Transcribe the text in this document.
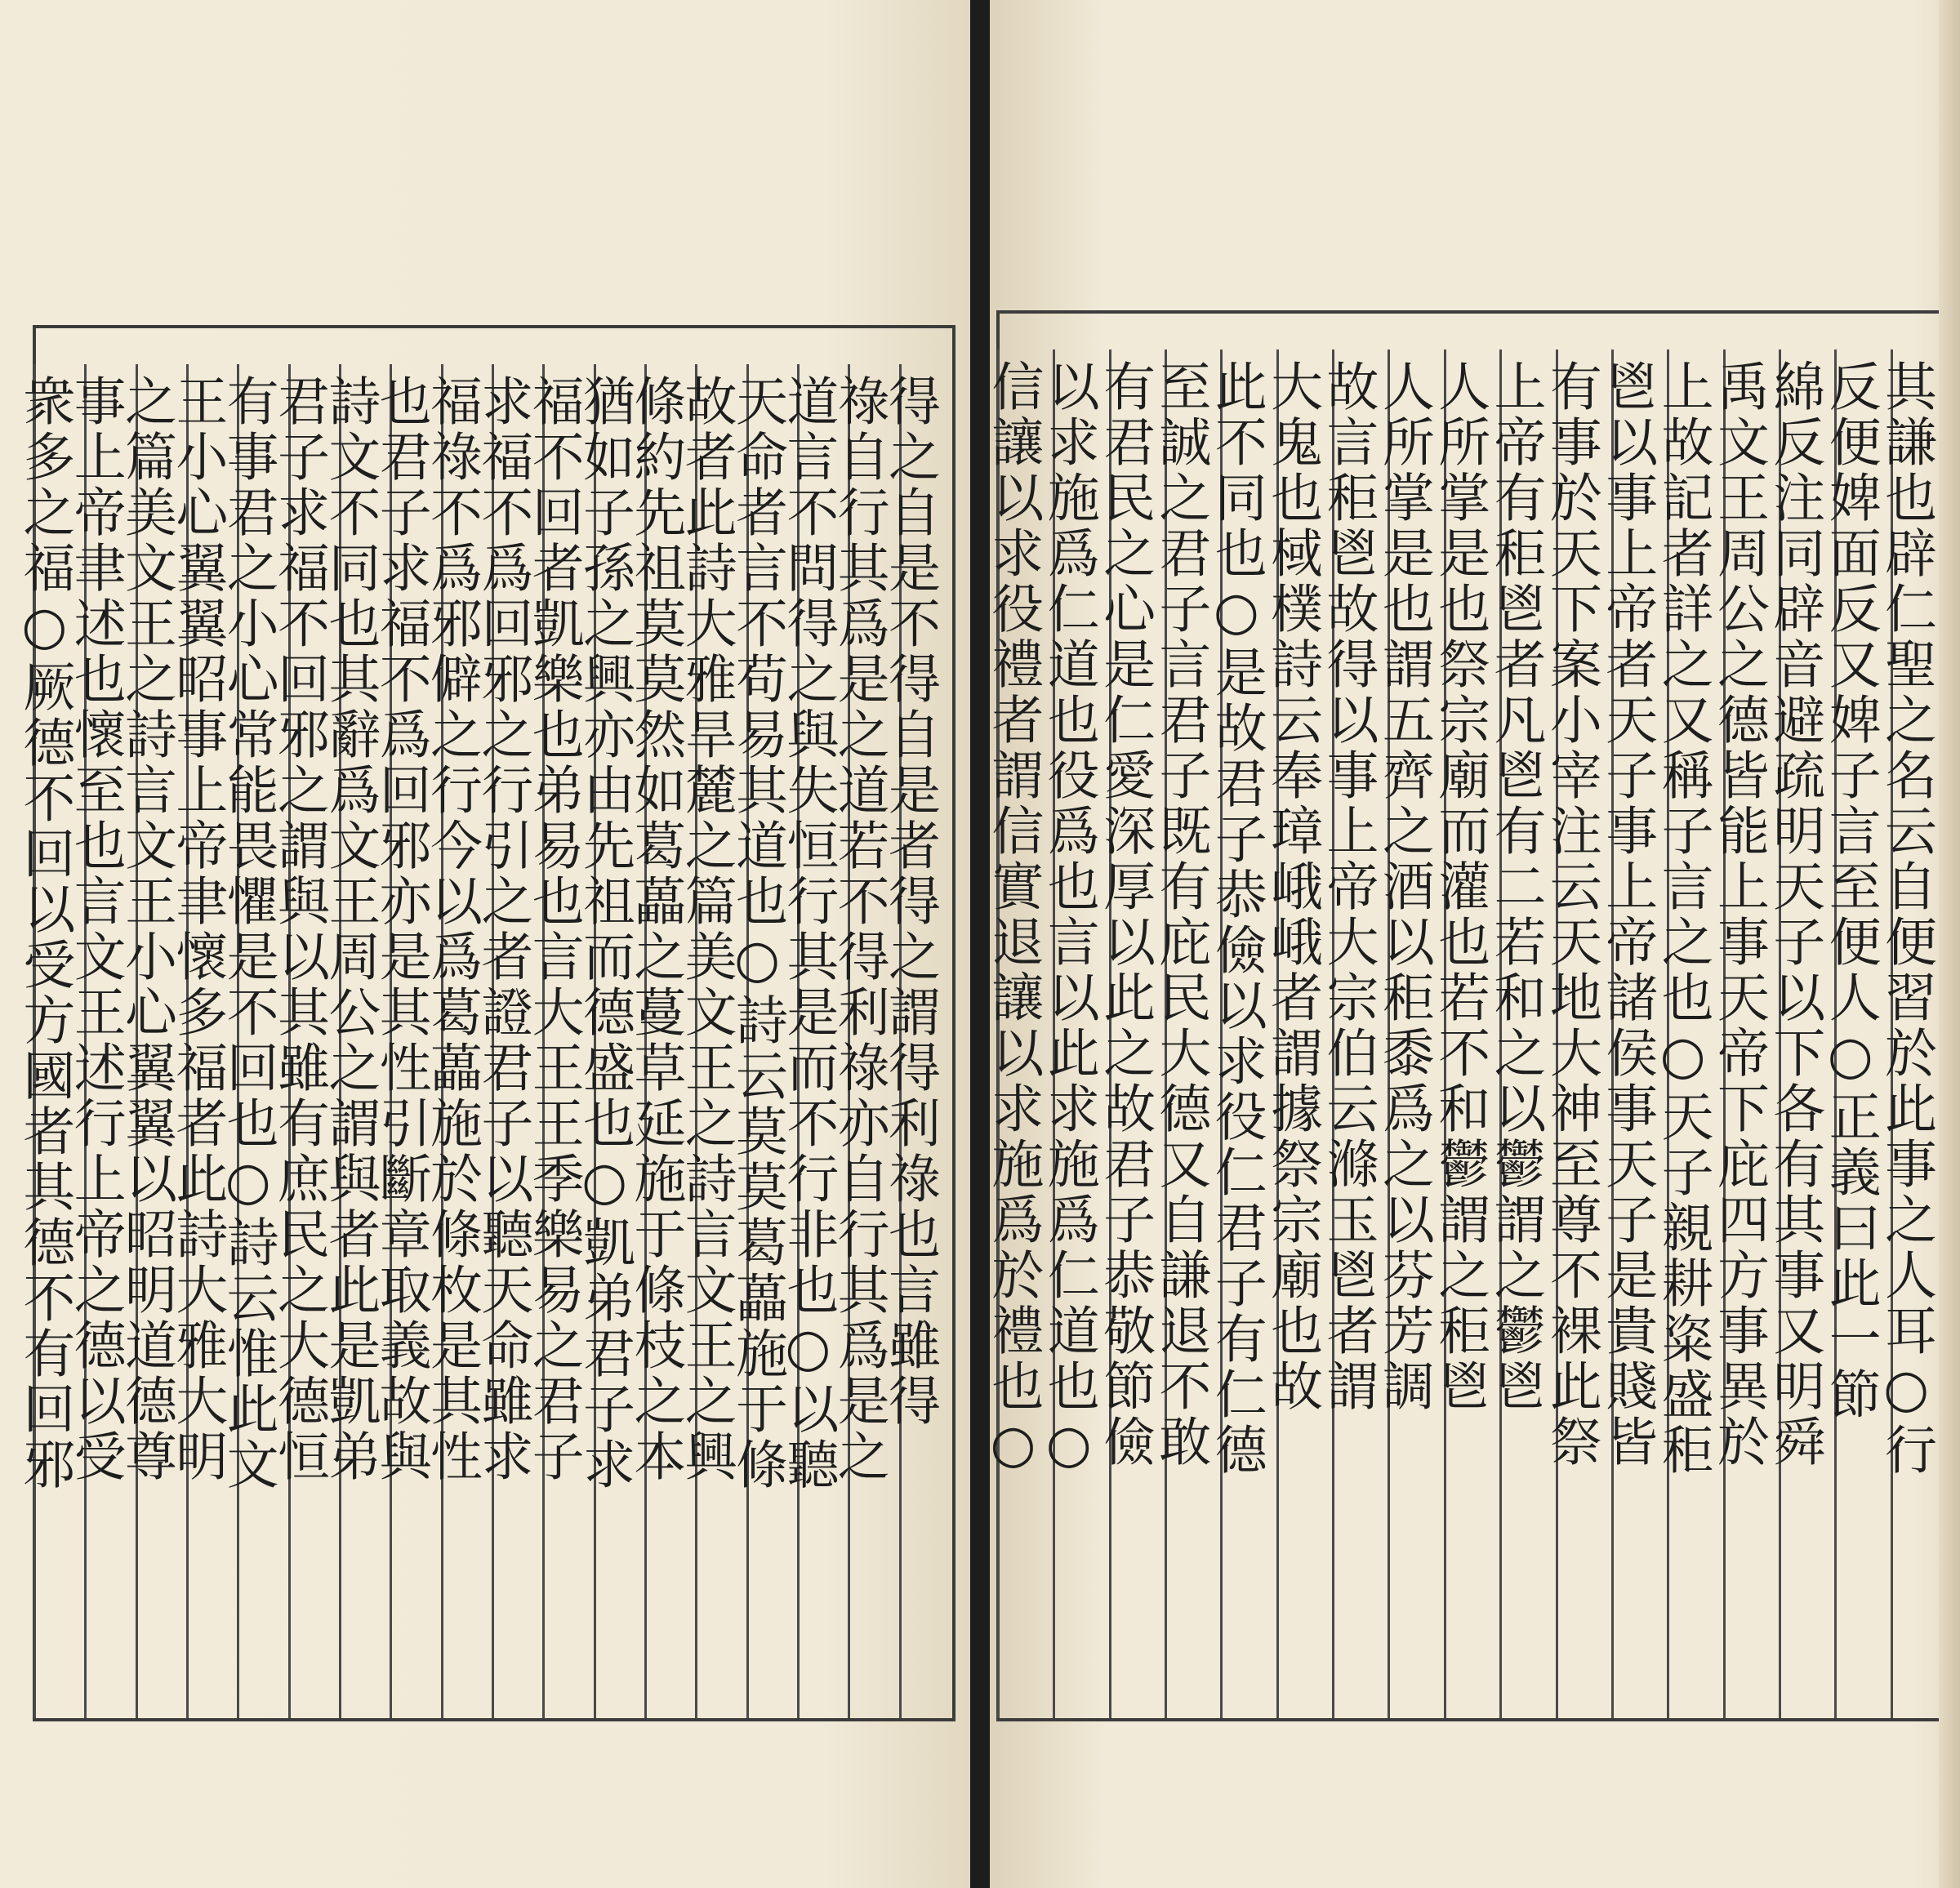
得之自是不得自是者得之謂得利祿也言雖得
祿自行其爲是之道若不得利祿亦自行其爲是之
道言不問得之與失恒行其是而不行非也○以聽
天命者言不苟易其道也○詩云莫莫葛藟施于條
故者此詩大雅旱麓之篇美文王之詩言文王之興
條約先祖莫莫然如葛藟之蔓草延施于條枝之本
猶如子孫之興亦由先祖而德盛也○凱弟君子求
福不回者凱樂也弟易也言大王王季樂易之君子
求福不爲回邪之行引之者證君子以聽天命雖求
福祿不爲邪僻之行今以爲葛藟施於條枚是其性
也君子求福不爲回邪亦是其性引斷章取義故與
詩文不同也其辭爲文王周公之謂與者此是凱弟
君子求福不回邪之謂與以其雖有庶民之大德恒
有事君之小心常能畏懼是不回也○詩云惟此文
王小心翼翼昭事上帝聿懷多福者此詩大雅大明
之篇美文王之詩言文王小心翼翼以昭明道德尊
事上帝聿述也懷至也言文王述行上帝之德以受
衆多之福○厥德不回以受方國者其德不有回邪	其謙也辟仁聖之名云自便習於此事之人耳○行
反便婢面反又婢子言至便人○正義曰此一節
綿反注同辟音避疏明天子以下各有其事又明舜
禹文王周公之德皆能上事天帝下庇四方事異於
上故記者詳之又稱子言之也○天子親耕粢盛秬
鬯以事上帝者天子事上帝諸侯事天子是貴賤皆
有事於天下案小宰注云天地大神至尊不裸此祭
上帝有秬鬯者凡鬯有二若和之以鬱謂之鬱鬯
人所掌是也祭宗廟而灌也若不和鬱謂之秬鬯
人所掌是也謂五齊之酒以秬黍爲之以芬芳調
故言秬鬯故得以事上帝大宗伯云滌玉鬯者謂
大鬼也棫樸詩云奉璋峨峨者謂據祭宗廟也故
此不同也○是故君子恭儉以求役仁君子有仁德
至誠之君子言君子既有庇民大德又自謙退不敢
有君民之心是仁愛深厚以此之故君子恭敬節儉
以求施爲仁道也役爲也言以此求施爲仁道也○
信讓以求役禮者謂信實退讓以求施爲於禮也○
